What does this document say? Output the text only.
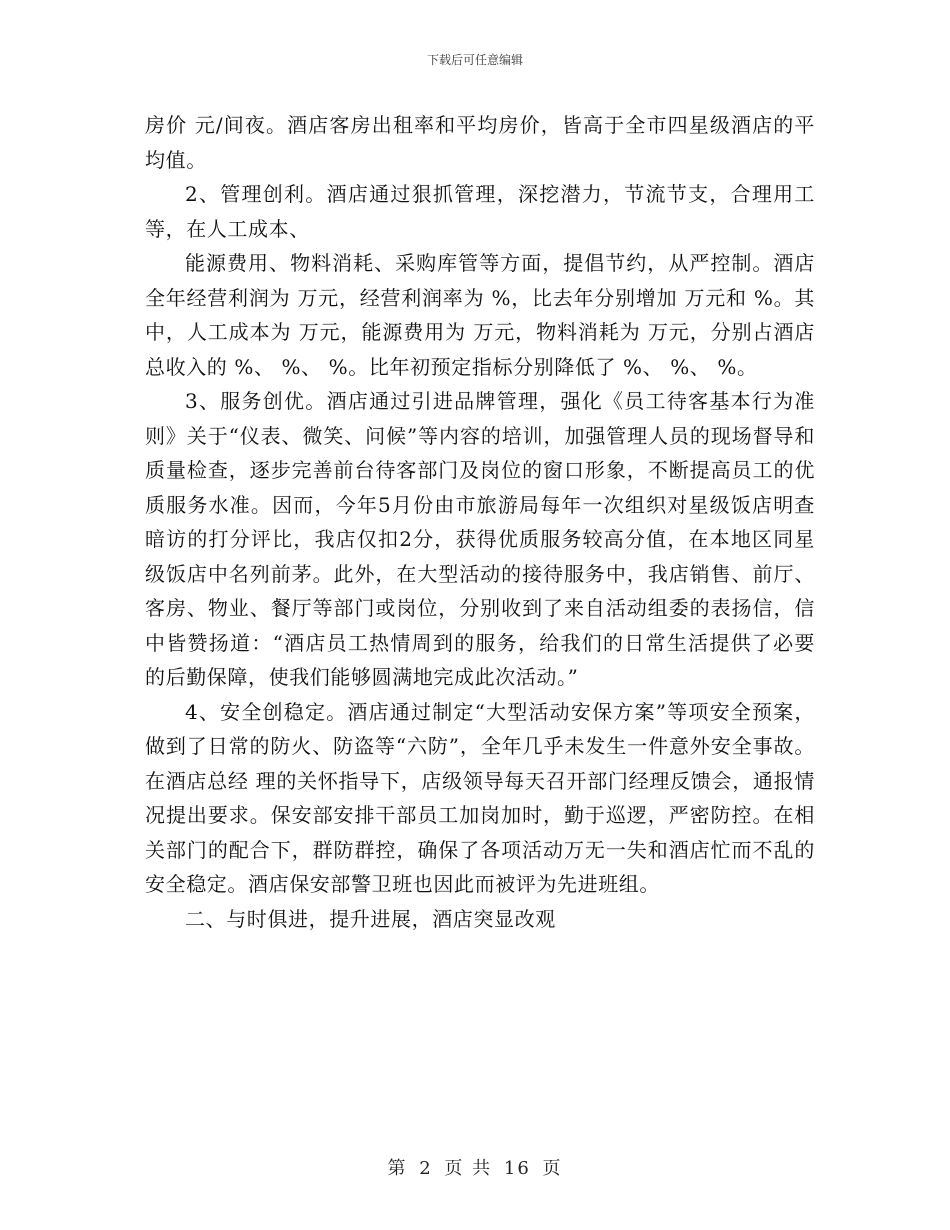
下载后可任意编辑

房价 元/间夜。酒店客房出租率和平均房价，皆高于全市四星级酒店的平均值。

2、管理创利。酒店通过狠抓管理，深挖潜力，节流节支，合理用工等，在人工成本、

能源费用、物料消耗、采购库管等方面，提倡节约，从严控制。酒店全年经营利润为 万元，经营利润率为 %，比去年分别增加 万元和 %。其中，人工成本为 万元，能源费用为 万元，物料消耗为 万元，分别占酒店总收入的 %、 %、 %。比年初预定指标分别降低了 %、 %、 %。

3、服务创优。酒店通过引进品牌管理，强化《员工待客基本行为准则》关于“仪表、微笑、问候”等内容的培训，加强管理人员的现场督导和质量检查，逐步完善前台待客部门及岗位的窗口形象，不断提高员工的优质服务水准。因而，今年5月份由市旅游局每年一次组织对星级饭店明查暗访的打分评比，我店仅扣2分，获得优质服务较高分值，在本地区同星级饭店中名列前茅。此外，在大型活动的接待服务中，我店销售、前厅、客房、物业、餐厅等部门或岗位，分别收到了来自活动组委的表扬信，信中皆赞扬道：“酒店员工热情周到的服务，给我们的日常生活提供了必要的后勤保障，使我们能够圆满地完成此次活动。”

4、安全创稳定。酒店通过制定“大型活动安保方案”等项安全预案，做到了日常的防火、防盗等“六防”，全年几乎未发生一件意外安全事故。在酒店总经 理的关怀指导下，店级领导每天召开部门经理反馈会，通报情况提出要求。保安部安排干部员工加岗加时，勤于巡逻，严密防控。在相关部门的配合下，群防群控，确保了各项活动万无一失和酒店忙而不乱的安全稳定。酒店保安部警卫班也因此而被评为先进班组。

二、与时俱进，提升进展，酒店突显改观

第 2 页 共 16 页
